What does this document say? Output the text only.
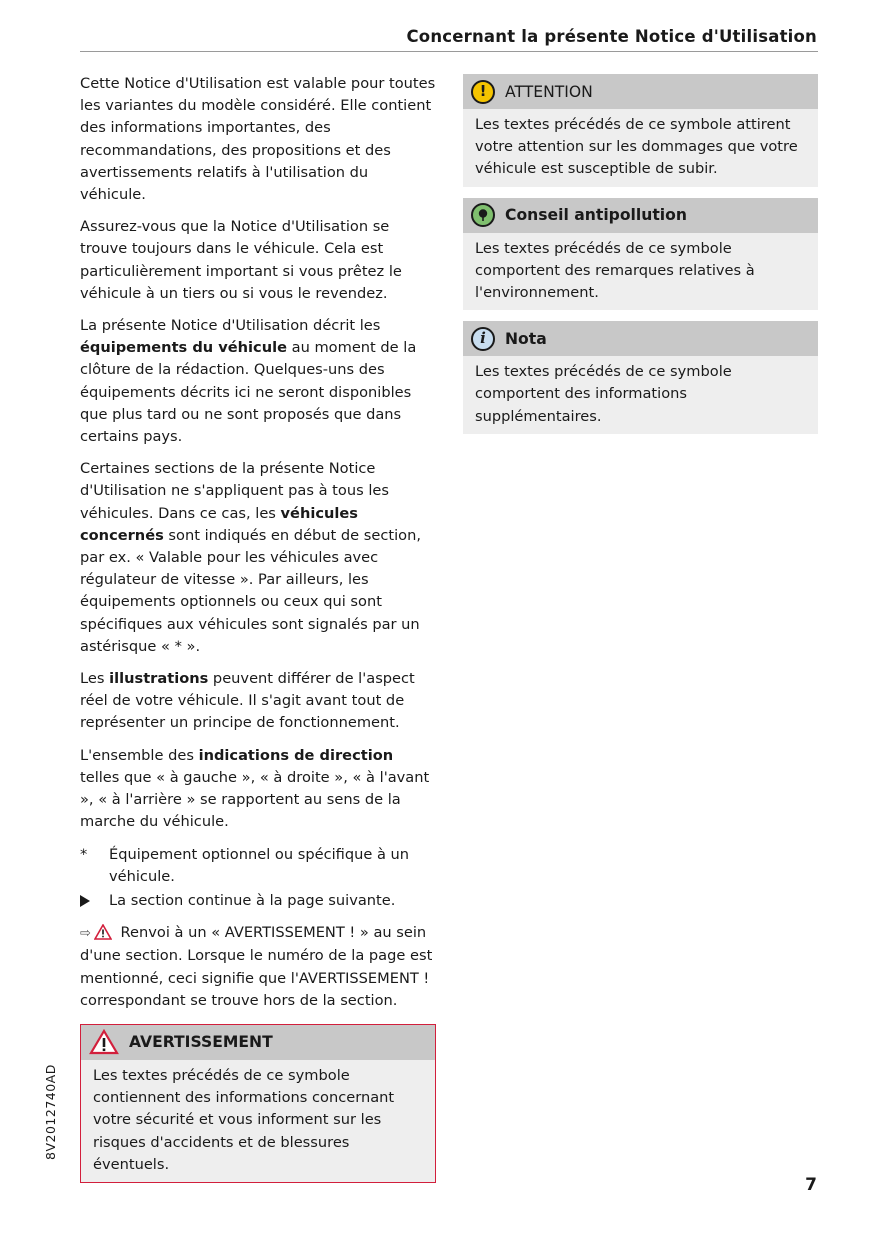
Concernant la présente Notice d'Utilisation

Cette Notice d'Utilisation est valable pour toutes les variantes du modèle considéré. Elle contient des informations importantes, des recommandations, des propositions et des avertissements relatifs à l'utilisation du véhicule.

Assurez-vous que la Notice d'Utilisation se trouve toujours dans le véhicule. Cela est particulièrement important si vous prêtez le véhicule à un tiers ou si vous le revendez.

La présente Notice d'Utilisation décrit les équipements du véhicule au moment de la clôture de la rédaction. Quelques-uns des équipements décrits ici ne seront disponibles que plus tard ou ne sont proposés que dans certains pays.

Certaines sections de la présente Notice d'Utilisation ne s'appliquent pas à tous les véhicules. Dans ce cas, les véhicules concernés sont indiqués en début de section, par ex. « Valable pour les véhicules avec régulateur de vitesse ». Par ailleurs, les équipements optionnels ou ceux qui sont spécifiques aux véhicules sont signalés par un astérisque « * ».

Les illustrations peuvent différer de l'aspect réel de votre véhicule. Il s'agit avant tout de représenter un principe de fonctionnement.

L'ensemble des indications de direction telles que « à gauche », « à droite », « à l'avant », « à l'arrière » se rapportent au sens de la marche du véhicule.

*	Équipement optionnel ou spécifique à un véhicule.
La section continue à la page suivante.

⇨ Renvoi à un « AVERTISSEMENT ! » au sein d'une section. Lorsque le numéro de la page est mentionné, ceci signifie que l'AVERTISSEMENT ! correspondant se trouve hors de la section.

AVERTISSEMENT
Les textes précédés de ce symbole contiennent des informations concernant votre sécurité et vous informent sur les risques d'accidents et de blessures éventuels.
!	ATTENTION
Les textes précédés de ce symbole attirent votre attention sur les dommages que votre véhicule est susceptible de subir.
Conseil antipollution
Les textes précédés de ce symbole comportent des remarques relatives à l'environnement.
i	Nota
Les textes précédés de ce symbole comportent des informations supplémentaires.
8V2012740AD
7
